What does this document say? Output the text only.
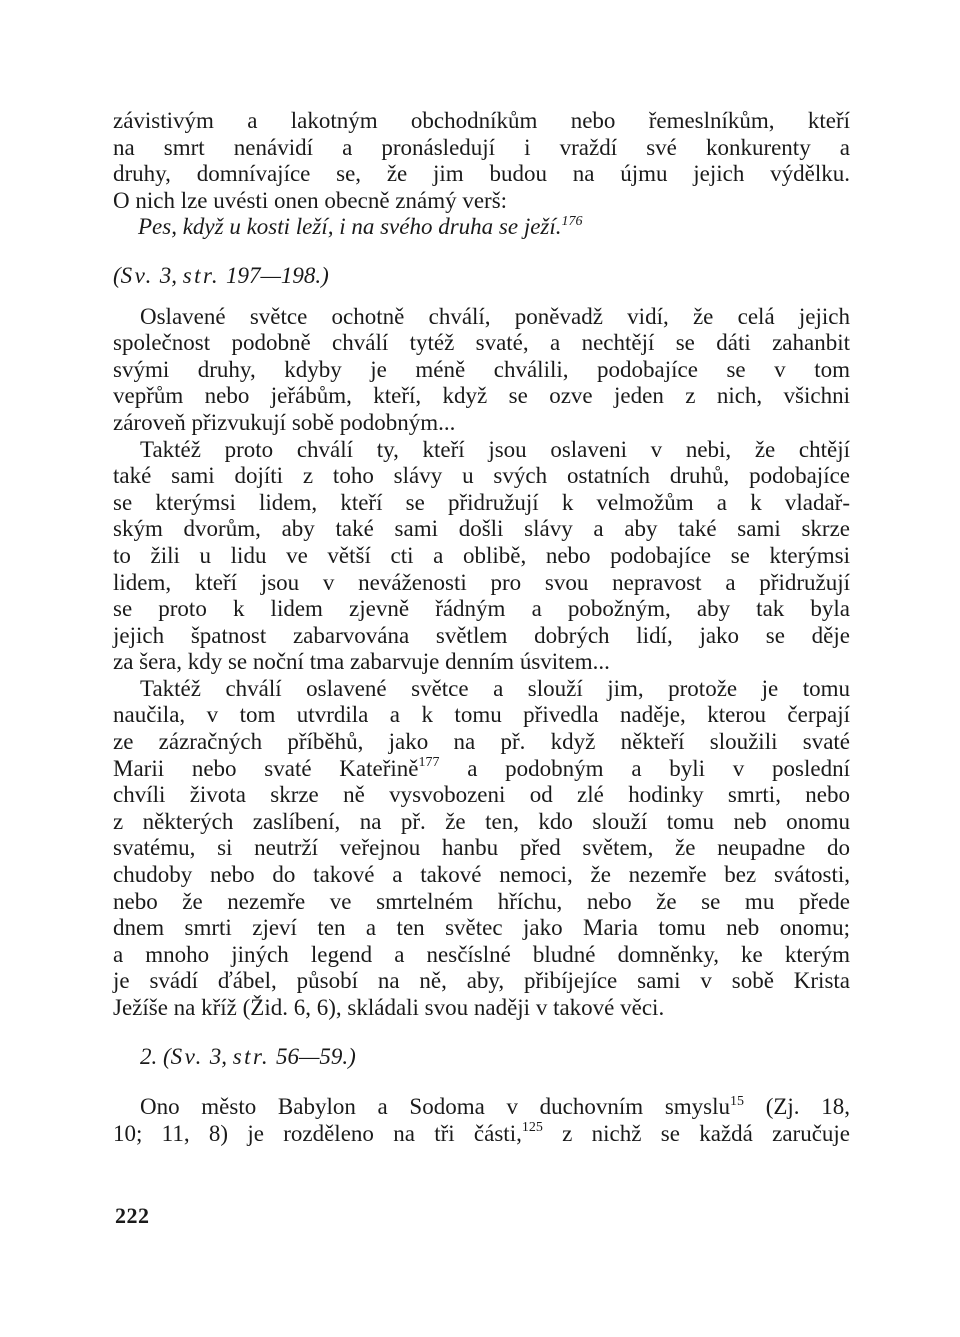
závistivým a lakotným obchodníkům nebo řemeslníkům, kteří

na smrt nenávidí a pronásledují i vraždí své konkurenty a

druhy, domnívajíce se, že jim budou na újmu jejich výdělku.

O nich lze uvésti onen obecně známý verš:

Pes, když u kosti leží, i na svého druha se ježí.$^{176}$

(Sv. 3, str. 197—198.)

Oslavené světce ochotně chválí, poněvadž vidí, že celá jejich

společnost podobně chválí tytéž svaté, a nechtějí se dáti zahanbit

svými druhy, kdyby je méně chválili, podobajíce se v tom

vepřům nebo jeřábům, kteří, když se ozve jeden z nich, všichni

zároveň přizvukují sobě podobným...

Taktéž proto chválí ty, kteří jsou oslaveni v nebi, že chtějí

také sami dojíti z toho slávy u svých ostatních druhů, podobajíce

se kterýmsi lidem, kteří se přidružují k velmožům a k vladař-

ským dvorům, aby také sami došli slávy a aby také sami skrze

to žili u lidu ve větší cti a oblibě, nebo podobajíce se kterýmsi

lidem, kteří jsou v neváženosti pro svou nepravost a přidružují

se proto k lidem zjevně řádným a pobožným, aby tak byla

jejich špatnost zabarvována světlem dobrých lidí, jako se děje

za šera, kdy se noční tma zabarvuje denním úsvitem...

Taktéž chválí oslavené světce a slouží jim, protože je tomu

naučila, v tom utvrdila a k tomu přivedla naděje, kterou čerpají

ze zázračných příběhů, jako na př. když někteří sloužili svaté

Marii nebo svaté Kateřině$^{177}$ a podobným a byli v poslední

chvíli života skrze ně vysvobozeni od zlé hodinky smrti, nebo

z některých zaslíbení, na př. že ten, kdo slouží tomu neb onomu

svatému, si neutrží veřejnou hanbu před světem, že neupadne do

chudoby nebo do takové a takové nemoci, že nezemře bez svátosti,

nebo že nezemře ve smrtelném hříchu, nebo že se mu přede

dnem smrti zjeví ten a ten světec jako Maria tomu neb onomu;

a mnoho jiných legend a nesčíslné bludné domněnky, ke kterým

je svádí ďábel, působí na ně, aby, přibíjejíce sami v sobě Krista

Ježíše na kříž (Žid. 6, 6), skládali svou naději v takové věci.

2. (Sv. 3, str. 56—59.)

Ono město Babylon a Sodoma v duchovním smyslu$^{15}$ (Zj. 18,

10; 11, 8) je rozděleno na tři části,$^{125}$ z nichž se každá zaručuje

222
